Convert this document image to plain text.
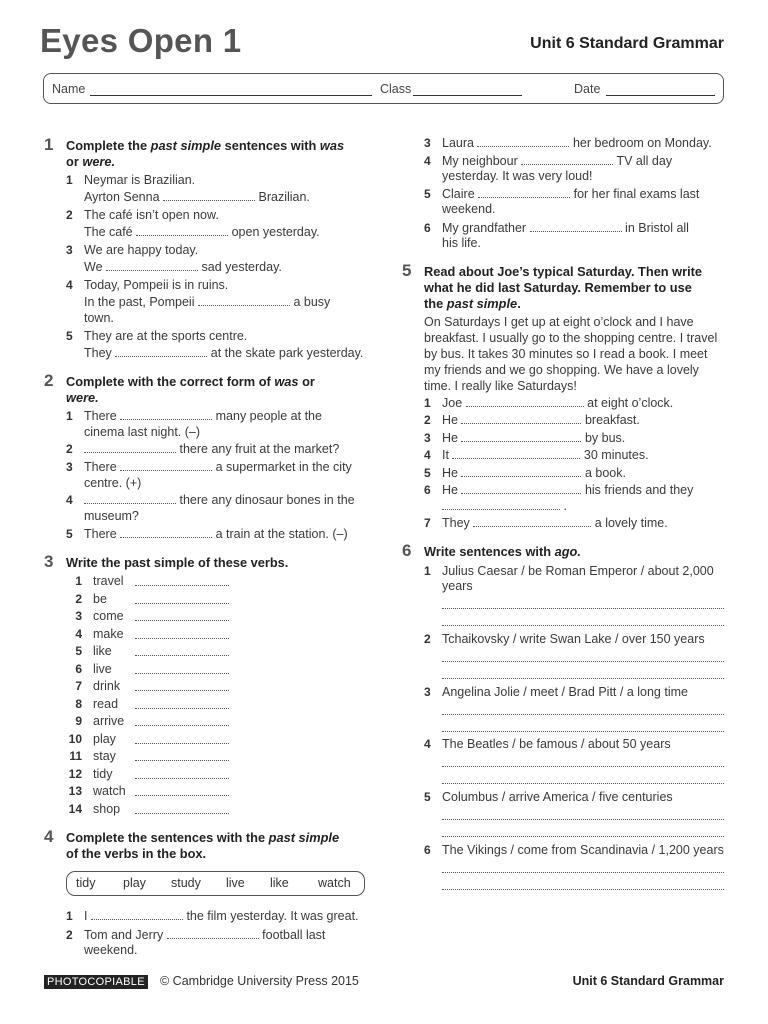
Eyes Open 1	Unit 6 Standard Grammar
Name	Class	Date
1 Complete the past simple sentences with was
or were.
1 Neymar is Brazilian.
Ayrton Senna	Brazilian.
2 The café isn’t open now.
The café	open yesterday.
3 We are happy today.
We	sad yesterday.
4 Today, Pompeii is in ruins.
In the past, Pompeii	a busy
town.
5 They are at the sports centre.
They	at the skate park yesterday.
2 Complete with the correct form of was or
were.
1 There	many people at the
cinema last night. (–)
2	there any fruit at the market?
3 There	a supermarket in the city
centre. (+)
4	there any dinosaur bones in the
museum?
5 There	a train at the station. (–)
3 Write the past simple of these verbs.
1 travel
2 be
3 come
4 make
5 like
6 live
7 drink
8 read
9 arrive
10 play
11 stay
12 tidy
13 watch
14 shop
4 Complete the sentences with the past simple
of the verbs in the box.
tidy play study live like watch
1 I	the film yesterday. It was great.
2 Tom and Jerry	football last
weekend.
3 Laura	her bedroom on Monday.
4 My neighbour	TV all day
yesterday. It was very loud!
5 Claire	for her final exams last
weekend.
6 My grandfather	in Bristol all
his life.
5 Read about Joe’s typical Saturday. Then write
what he did last Saturday. Remember to use
the past simple.
On Saturdays I get up at eight o’clock and I have
breakfast. I usually go to the shopping centre. I travel
by bus. It takes 30 minutes so I read a book. I meet
my friends and we go shopping. We have a lovely
time. I really like Saturdays!
1 Joe	at eight o’clock.
2 He	breakfast.
3 He	by bus.
4 It	30 minutes.
5 He	a book.
6 He	his friends and they
.
7 They	a lovely time.
6 Write sentences with ago.
1 Julius Caesar / be Roman Emperor / about 2,000
years
2 Tchaikovsky / write Swan Lake / over 150 years
3 Angelina Jolie / meet / Brad Pitt / a long time
4 The Beatles / be famous / about 50 years
5 Columbus / arrive America / five centuries
6 The Vikings / come from Scandinavia / 1,200 years
PHOTOCOPIABLE © Cambridge University Press 2015	Unit 6 Standard Grammar
